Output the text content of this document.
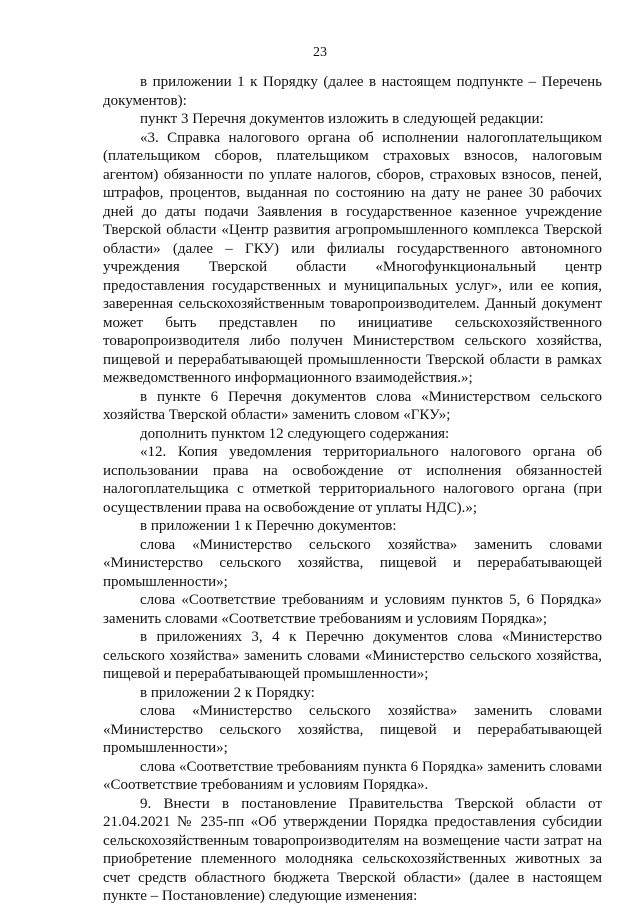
23

в приложении 1 к Порядку (далее в настоящем подпункте – Перечень документов):

пункт 3 Перечня документов изложить в следующей редакции:

«3. Справка налогового органа об исполнении налогоплательщиком (плательщиком сборов, плательщиком страховых взносов, налоговым агентом) обязанности по уплате налогов, сборов, страховых взносов, пеней, штрафов, процентов, выданная по состоянию на дату не ранее 30 рабочих дней до даты подачи Заявления в государственное казенное учреждение Тверской области «Центр развития агропромышленного комплекса Тверской области» (далее – ГКУ) или филиалы государственного автономного учреждения Тверской области «Многофункциональный центр предоставления государственных и муниципальных услуг», или ее копия, заверенная сельскохозяйственным товаропроизводителем. Данный документ может быть представлен по инициативе сельскохозяйственного товаропроизводителя либо получен Министерством сельского хозяйства, пищевой и перерабатывающей промышленности Тверской области в рамках межведомственного информационного взаимодействия.»;

в пункте 6 Перечня документов слова «Министерством сельского хозяйства Тверской области» заменить словом «ГКУ»;

дополнить пунктом 12 следующего содержания:

«12. Копия уведомления территориального налогового органа об использовании права на освобождение от исполнения обязанностей налогоплательщика с отметкой территориального налогового органа (при осуществлении права на освобождение от уплаты НДС).»;

в приложении 1 к Перечню документов:

слова «Министерство сельского хозяйства» заменить словами «Министерство сельского хозяйства, пищевой и перерабатывающей промышленности»;

слова «Соответствие требованиям и условиям пунктов 5, 6 Порядка» заменить словами «Соответствие требованиям и условиям Порядка»;

в приложениях 3, 4 к Перечню документов слова «Министерство сельского хозяйства» заменить словами «Министерство сельского хозяйства, пищевой и перерабатывающей промышленности»;

в приложении 2 к Порядку:

слова «Министерство сельского хозяйства» заменить словами «Министерство сельского хозяйства, пищевой и перерабатывающей промышленности»;

слова «Соответствие требованиям пункта 6 Порядка» заменить словами «Соответствие требованиям и условиям Порядка».

9. Внести в постановление Правительства Тверской области от 21.04.2021 № 235-пп «Об утверждении Порядка предоставления субсидии сельскохозяйственным товаропроизводителям на возмещение части затрат на приобретение племенного молодняка сельскохозяйственных животных за счет средств областного бюджета Тверской области» (далее в настоящем пункте – Постановление) следующие изменения:
